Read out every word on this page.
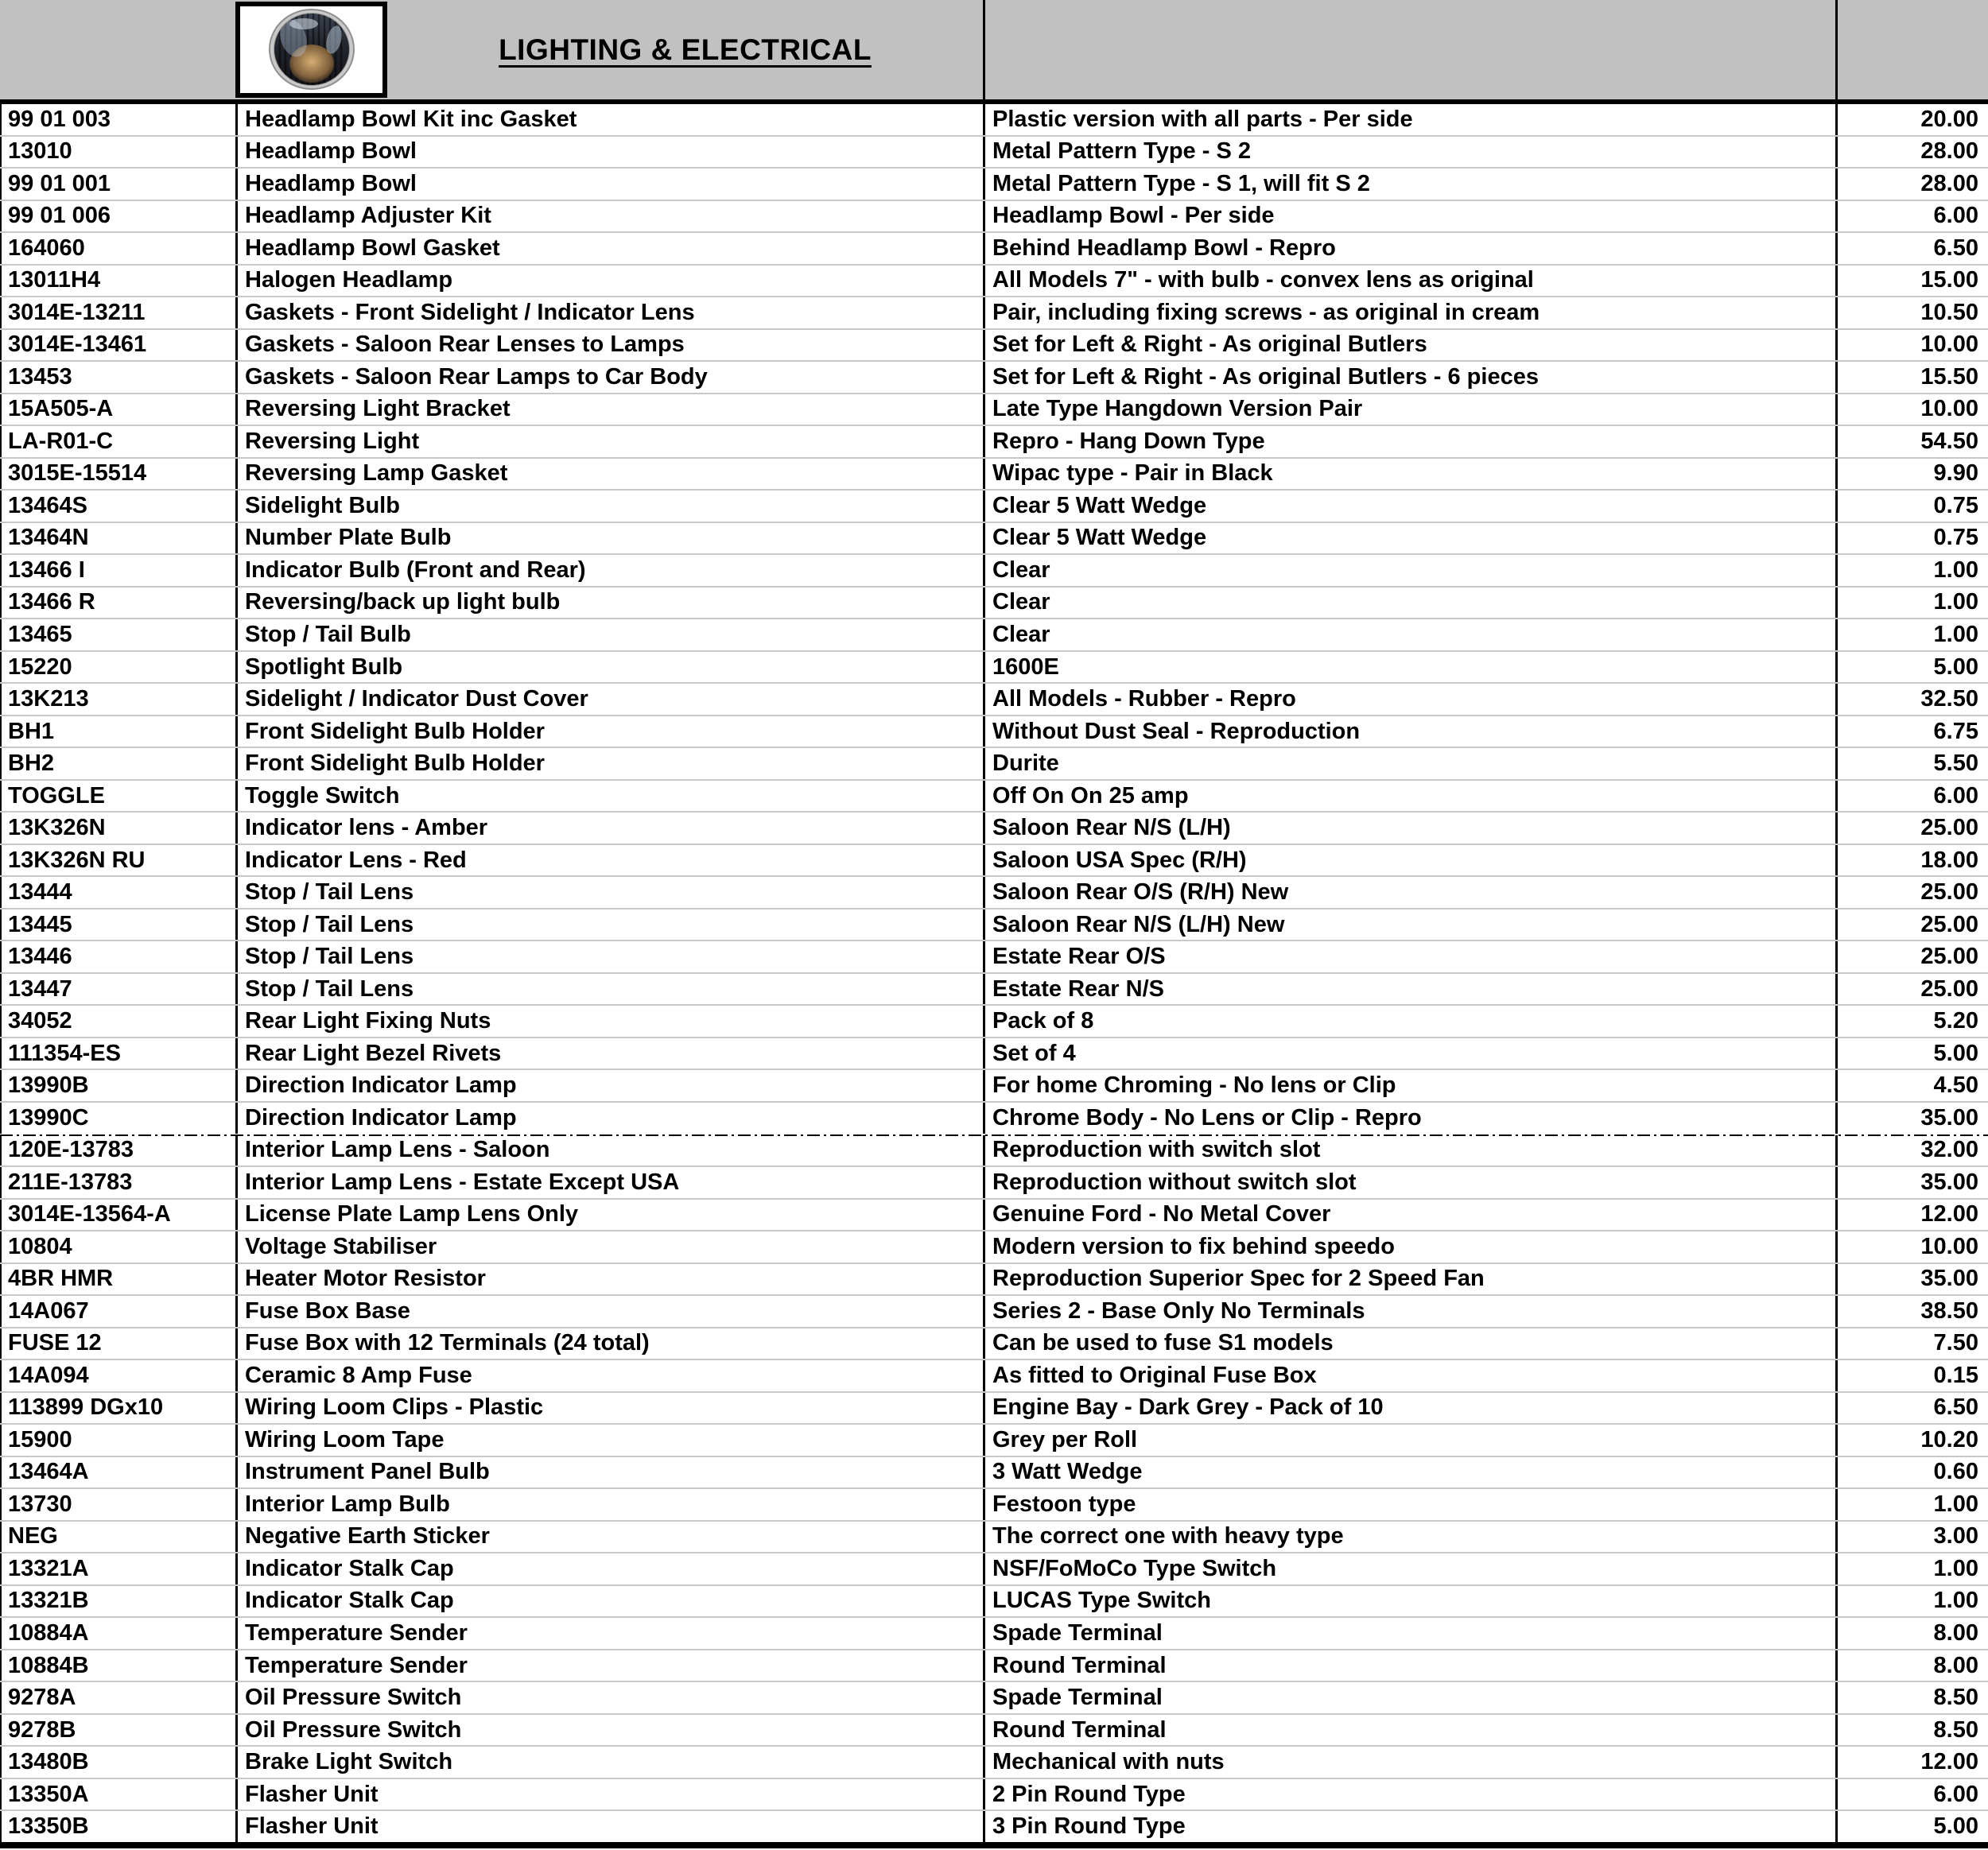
LIGHTING & ELECTRICAL
99 01 003	Headlamp Bowl Kit inc Gasket	Plastic version with all parts - Per side	20.00
13010	Headlamp Bowl	Metal Pattern Type - S 2	28.00
99 01 001	Headlamp Bowl	Metal Pattern Type - S 1, will fit S 2	28.00
99 01 006	Headlamp Adjuster Kit	Headlamp Bowl - Per side	6.00
164060	Headlamp Bowl Gasket	Behind Headlamp Bowl - Repro	6.50
13011H4	Halogen Headlamp	All Models 7" - with bulb - convex lens as original	15.00
3014E-13211	Gaskets - Front Sidelight / Indicator Lens	Pair, including fixing screws - as original in cream	10.50
3014E-13461	Gaskets - Saloon Rear Lenses to Lamps	Set for Left & Right - As original Butlers	10.00
13453	Gaskets - Saloon Rear Lamps to Car Body	Set for Left & Right - As original Butlers - 6 pieces	15.50
15A505-A	Reversing Light Bracket	Late Type Hangdown Version Pair	10.00
LA-R01-C	Reversing Light	Repro - Hang Down Type	54.50
3015E-15514	Reversing Lamp Gasket	Wipac type - Pair in Black	9.90
13464S	Sidelight Bulb	Clear 5 Watt Wedge	0.75
13464N	Number Plate Bulb	Clear 5 Watt Wedge	0.75
13466 I	Indicator Bulb (Front and Rear)	Clear	1.00
13466 R	Reversing/back up light bulb	Clear	1.00
13465	Stop / Tail Bulb	Clear	1.00
15220	Spotlight Bulb	1600E	5.00
13K213	Sidelight / Indicator Dust Cover	All Models - Rubber - Repro	32.50
BH1	Front Sidelight Bulb Holder	Without Dust Seal - Reproduction	6.75
BH2	Front Sidelight Bulb Holder	Durite	5.50
TOGGLE	Toggle Switch	Off On On 25 amp	6.00
13K326N	Indicator lens - Amber	Saloon Rear N/S (L/H)	25.00
13K326N RU	Indicator Lens - Red	Saloon USA Spec (R/H)	18.00
13444	Stop / Tail Lens	Saloon Rear O/S (R/H) New	25.00
13445	Stop / Tail Lens	Saloon Rear N/S (L/H) New	25.00
13446	Stop / Tail Lens	Estate Rear O/S	25.00
13447	Stop / Tail Lens	Estate Rear N/S	25.00
34052	Rear Light Fixing Nuts	Pack of 8	5.20
111354-ES	Rear Light Bezel Rivets	Set of 4	5.00
13990B	Direction Indicator Lamp	For home Chroming - No lens or Clip	4.50
13990C	Direction Indicator Lamp	Chrome Body - No Lens or Clip - Repro	35.00
120E-13783	Interior Lamp Lens - Saloon	Reproduction with switch slot	32.00
211E-13783	Interior Lamp Lens - Estate Except USA	Reproduction without switch slot	35.00
3014E-13564-A	License Plate Lamp Lens Only	Genuine Ford - No Metal Cover	12.00
10804	Voltage Stabiliser	Modern version to fix behind speedo	10.00
4BR HMR	Heater Motor Resistor	Reproduction Superior Spec for 2 Speed Fan	35.00
14A067	Fuse Box Base	Series 2 - Base Only No Terminals	38.50
FUSE 12	Fuse Box with 12 Terminals (24 total)	Can be used to fuse S1 models	7.50
14A094	Ceramic 8 Amp Fuse	As fitted to Original Fuse Box	0.15
113899 DGx10	Wiring Loom Clips - Plastic	Engine Bay - Dark Grey - Pack of 10	6.50
15900	Wiring Loom Tape	Grey per Roll	10.20
13464A	Instrument Panel Bulb	3 Watt Wedge	0.60
13730	Interior Lamp Bulb	Festoon type	1.00
NEG	Negative Earth Sticker	The correct one with heavy type	3.00
13321A	Indicator Stalk Cap	NSF/FoMoCo Type Switch	1.00
13321B	Indicator Stalk Cap	LUCAS Type Switch	1.00
10884A	Temperature Sender	Spade Terminal	8.00
10884B	Temperature Sender	Round Terminal	8.00
9278A	Oil Pressure Switch	Spade Terminal	8.50
9278B	Oil Pressure Switch	Round Terminal	8.50
13480B	Brake Light Switch	Mechanical with nuts	12.00
13350A	Flasher Unit	2 Pin Round Type	6.00
13350B	Flasher Unit	3 Pin Round Type	5.00
